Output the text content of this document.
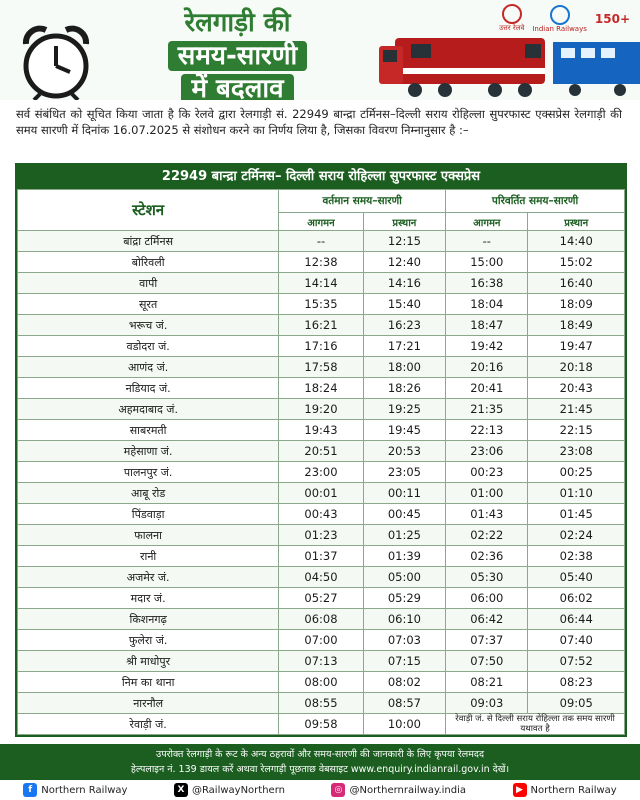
रेलगाड़ी की
समय-सारणी
में बदलाव
उत्तर रेलवे Indian Railways
150+
सर्व संबंधित को सूचित किया जाता है कि रेलवे द्वारा रेलगाड़ी सं. 22949 बान्द्रा टर्मिनस–दिल्ली सराय रोहिल्ला सुपरफास्ट एक्सप्रेस रेलगाड़ी की समय सारणी में दिनांक 16.07.2025 से संशोधन करने का निर्णय लिया है, जिसका विवरण निम्नानुसार है :–
22949 बान्द्रा टर्मिनस– दिल्ली सराय रोहिल्ला सुपरफास्ट एक्सप्रेस
स्टेशन	वर्तमान समय–सारणी		परिवर्तित समय–सारणी	
	आगमन	प्रस्थान	आगमन	प्रस्थान
बांद्रा टर्मिनस	--	12:15	--	14:40
बोरिवली	12:38	12:40	15:00	15:02
वापी	14:14	14:16	16:38	16:40
सूरत	15:35	15:40	18:04	18:09
भरूच जं.	16:21	16:23	18:47	18:49
वडोदरा जं.	17:16	17:21	19:42	19:47
आणंद जं.	17:58	18:00	20:16	20:18
नडियाद जं.	18:24	18:26	20:41	20:43
अहमदाबाद जं.	19:20	19:25	21:35	21:45
साबरमती	19:43	19:45	22:13	22:15
महेसाणा जं.	20:51	20:53	23:06	23:08
पालनपुर जं.	23:00	23:05	00:23	00:25
आबू रोड	00:01	00:11	01:00	01:10
पिंडवाड़ा	00:43	00:45	01:43	01:45
फालना	01:23	01:25	02:22	02:24
रानी	01:37	01:39	02:36	02:38
अजमेर जं.	04:50	05:00	05:30	05:40
मदार जं.	05:27	05:29	06:00	06:02
किशनगढ़	06:08	06:10	06:42	06:44
फुलेरा जं.	07:00	07:03	07:37	07:40
श्री माधोपुर	07:13	07:15	07:50	07:52
निम का थाना	08:00	08:02	08:21	08:23
नारनौल	08:55	08:57	09:03	09:05
रेवाड़ी जं.	09:58	10:00	रेवाड़ी जं. से दिल्ली सराय रोहिल्ला तक समय सारणी यथावत है	
उपरोक्त रेलगाड़ी के रूट के अन्य ठहरावों और समय-सारणी की जानकारी के लिए कृपया रेलमदद
हेल्पलाइन नं. 139 डायल करें अथवा रेलगाड़ी पूछताछ वेबसाइट www.enquiry.indianrail.gov.in देखें।
f Northern Railway	X @RailwayNorthern	◎ @Northernrailway.india	▶ Northern Railway
